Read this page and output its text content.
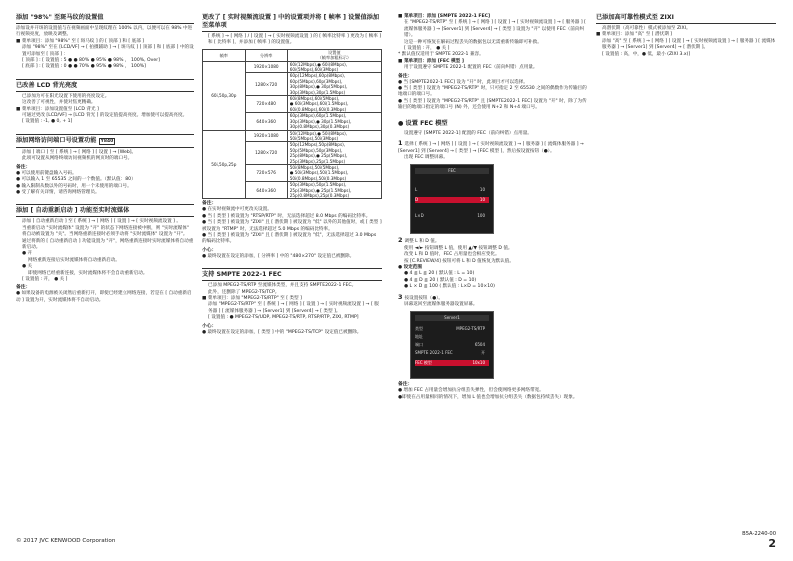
添加 "98%" 至斑马纹的设置值

添加设并开斑的设置值与在视频画面中呈现纹理在 100% 以内，以便可以在 98% 中进行视频亮度，放映及调整。

■ 菜单项目：添加 "98%" 至 [ 斑马纹 ] 的 [ 顶部 ] 和 [ 底部 ]

添加 "98%" 至在 [LCD/VF] → [ 拍摄辅助 ] → [ 斑马纹 ] [ 顶部 ] 和 [ 底部 ] 中的设置可添加至 [ 顶部 ] ：

[ 顶部 ] : [ 设置值 : 5 ● ● 80% ● 95% ● 98% ， 100%, Over]

[ 底部 ] : [ 设置值 : 0 ● ● 70% ● 95% ● 98% ， 100%]

已改善 LCD 背光亮度

已添加为可在阳光设置下使用的亮度设定。

这改善了可视性，并使对焦更精确。

■ 菜单项目：添加设置值至 [LCD 背光 ]

可通过更改 [LCD/VF] → [LCD 背光 ] 的设定值提高亮度。增加使可以提高亮度。

[ 设置值 : -1, ● 0, + 1]

添加网络访问端口号设置功能 Y840

添加 [ 端口 ] 至 [ 系统 ] → [ 网络 ] [ 设置 ] → [Web]。

此项可设置从网络终端访问视频机的网页时的端口号。

备注：

● 可以使用前键盘输入号码。

● 可以输入 1 至 65535 之间的一个数值。（默认值：80）

● 输入限制从数以外的号码时，用一个未使用的端口号。

● 受了解有关详情，请咨询网络管理员。

添加 [ 自动重新启动 ] 功能至实时流媒体

添加 [ 自动重新启动 ] 至 [ 系统 ] → [ 网络 ] [ 设置 ] → [ 实时视频流设置 ] 。

当重新启动 "实时流媒体" 设置为 "开" 的状态下网络连接被中断，则 "实时流媒体" 将自动被设置为 "关"。当网络重新连接时必须手动将 "实时流媒体" 设置为 "开"。

通过将新的 [ 自动重新启动 ] 功能设置为 "开"，网络重新连接时实时流媒体将自动重新启动。

● 开

网络重新连接后实时流媒体将自动重新启动。

● 关

即使网络已经重新连接，实时流媒体将不会自动重新启动。

[ 设置值 : 开， ● 关 ]

备注：

● 如果设备的电源被关闭然后重新打开，即使已经建立网络连接，若是在 [ 自动重新启动 ] 设置为开，实时流媒体将不自动启动。

更改了 [ 实时视频流设置 ] 中的设置项并将 [ 帧率 ] 设置值添加至菜单项

[ 系统 ] → [ 网络 ] / [ 设置 ] → [ 实时视频流设置 ] 的 [ 帧率比特率 ] 更改为 [ 帧率 ] 和 [ 比特率 ]，并添加 [ 帧率 ] 的设置值。

帧率	分辨率	设置值
（帧率加粗标示）
60i,50p,30p	1920×1080	60i(12Mbps),● 60i(8Mbps),
60i(5Mbps),60i(3Mbps)
	1280×720	60p(12Mbps),60p(8Mbps),
60p(5Mbps),60p(3Mbps),
30p(8Mbps),● 30p(5Mbps),
30p(3Mbps),30p(1.5Mbps)
	720×480	60i(8Mbps),60i(5Mbps),
● 60i(3Mbps),60i(1.5Mbps),
60i(0.8Mbps),60i(0.3Mbps)
	640×360	60p(3Mbps),60p(1.5Mbps),
30p(3Mbps),● 30p(1.5Mbps),
30p(0.8Mbps),30p(0.3Mbps)
50i,50p,25p	1920×1080	50i(12Mbps),● 50i(8Mbps),
50i(5Mbps),50i(3Mbps)
	1280×720	50p(12Mbps),50p(8Mbps),
50p(5Mbps),50p(3Mbps),
25p(8Mbps),● 25p(5Mbps),
25p(3Mbps),25p(1.5Mbps)
	720×576	50i(8Mbps),50i(5Mbps),
● 50i(3Mbps),50i(1.5Mbps),
50i(0.8Mbps),50i(0.3Mbps)
	640×360	50p(3Mbps),50p(1.5Mbps),
25p(3Mbps),● 25p(1.5Mbps),
25p(0.8Mbps),25p(0.3Mbps)
备注：

● 在实时视频流中可更改关设置。

● 当 [ 类型 ] 被设置为 "RTSP/RTP" 时，无法选择超过 8.0 Mbps 的编码比特率。

● 当 [ 类型 ] 被设置为 "ZIXI" 且 [ 潜伏期 ] 被设置为 "低" 以外的其他值时，或 [ 类型 ] 被设置为 "RTMP" 时，无法选择超过 5.0 Mbps 的编码比特率。

● 当 [ 类型 ] 被设置为 "ZIXI" 且 [ 潜伏期 ] 被设置为 "低"，无法选择超过 3.0 Mbps 的编码比特率。

小心：

● 最终设置在设定的添加，[ 分辨率 ] 中的 "480×270" 设定值已被删除。

支持 SMPTE 2022-1 FEC

已添加 MPEG2-TS/RTP 至流媒体类型，并且支持 SMPTE2022-1 FEC。

此外，还删除了 MPEG2-TS/TCP。

■ 菜单项目：添加 "MPEG2-TS/RTP" 至 [ 类型 ]

添加 "MPEG2-TS/RTP" 至 [ 系统 ] → [ 网络 ] [ 设置 ] → [ 实时视频流设置 ] → [ 服务器 ] [ 流媒体服务器 ] → [Server1] 到 [Server4] → [ 类型 ]。

[ 设置值 : ● MPEG2-TS/UDP, MPEG2-TS/RTP, RTSP/RTP, ZIXI, RTMP]

小心：

● 最终设置在设定的添加，[ 类型 ] 中的 "MPEG2-TS/TCP" 设定值已被删除。

■ 菜单项目：添加 [SMPTE 2022-1 FEC]

在 "MPEG2-TS/RTP" 至 [ 系统 ] → [ 网络 ] [ 设置 ] → [ 实时视频流设置 ] → [ 服务器 ] [ 流媒体服务器 ] → [Server1] 到 [Server4] → [ 类型 ] 设置为 "开" 以使用 FEC（前向纠错）。

这是一种可恢复在解码过程丢失的数据包以无需重新传输即可补救。

[ 设置值 : 开， ● 关 ]

* 默认值仅适用于 SMPTE 2022-1 兼容。

■ 菜单项目：添加 [FEC 模型 ]

用于设置遵守 SMPTE 2022-1 配置的 FEC（前向纠错）点用量。

备注：

● 当 [SMPTE2022-1 FEC] 设为 "开" 时，此项目才可以选择。

● 当 [ 类型 ] 设置为 "MPEG2-TS/RTP" 时，只可指定 2 至 65530 之间的偶数作为传输目的地端口的端口号。

● 当 [ 类型 ] 设置为 "MPEG2-TS/RTP" 且 [SMPTE2022-1 FEC] 设置为 "开" 时，除了为传输目的地端口指定的端口号 (N) 外，还会使用 N+2 和 N+4 端口号。

● 设置 FEC 模型

设置遵守 [SMPTE 2022-1] 配置的 FEC（前向纠错）点用量。

1 选择 [ 系统 ] → [ 网络 ] [ 设置 ] → [ 实时视频流设置 ] → [ 服务器 ] [ 流媒体服务器 ] → [Server1] 到 [Server4] → [ 类型 ] → [FEC 模型 ]，然后按设置按钮（●）。

出现 FEC 调整屏幕。

FEC
L	10
D	10
L×D	100

2 调整 L 和 D 值。

使用 ◄/► 按钮调整 L 值，使用 ▲/▼ 按钮调整 D 值。

改变 L 和 D 值时，FEC 占用量也会相应变化。

按 [C.REVIEW/4] 按钮可将 L 和 D 值恢复为默认值。

● 设定范围

● 4 ≦ L ≦ 20 ( 默认值 : L = 10)

● 4 ≦ D ≦ 20 ( 默认值 : D = 10)

● L × D ≦ 100 ( 默认值 : L×D = 10×10)

3 按设置按钮（●）。

屏幕返回至流媒体服务器设置屏幕。

Server1
类型	MPEG2-TS/RTP
地址
端口	6504
SMPTE 2022-1 FEC	开
FEC 模型	10x10
备注：

● 增加 FEC 占用量会增加抗分组丢失弹性，但会使网络更多网络带宽。

●即使在占用量相同的情况下，增加 L 值也会增加抗分组丢失（数据包持续丢失）现象。

已添加高可靠性模式至 ZIXI

高潜伏期（高可靠性）模式被添加至 ZIXI。

■ 菜单项目：添加 "高" 至 [ 潜伏期 ]

添加 "高" 至 [ 系统 ] → [ 网络 ] [ 设置 ] → [ 实时视频流设置 ] → [ 服务器 ] [ 流媒体服务器 ] → [Server1] 到 [Server4] → [ 潜伏期 ]。

[ 设置值 : 高，中，● 低，最小 (ZIXI 3.x)]

© 2017 JVC KENWOOD Corporation
B5A-2240-00
2
